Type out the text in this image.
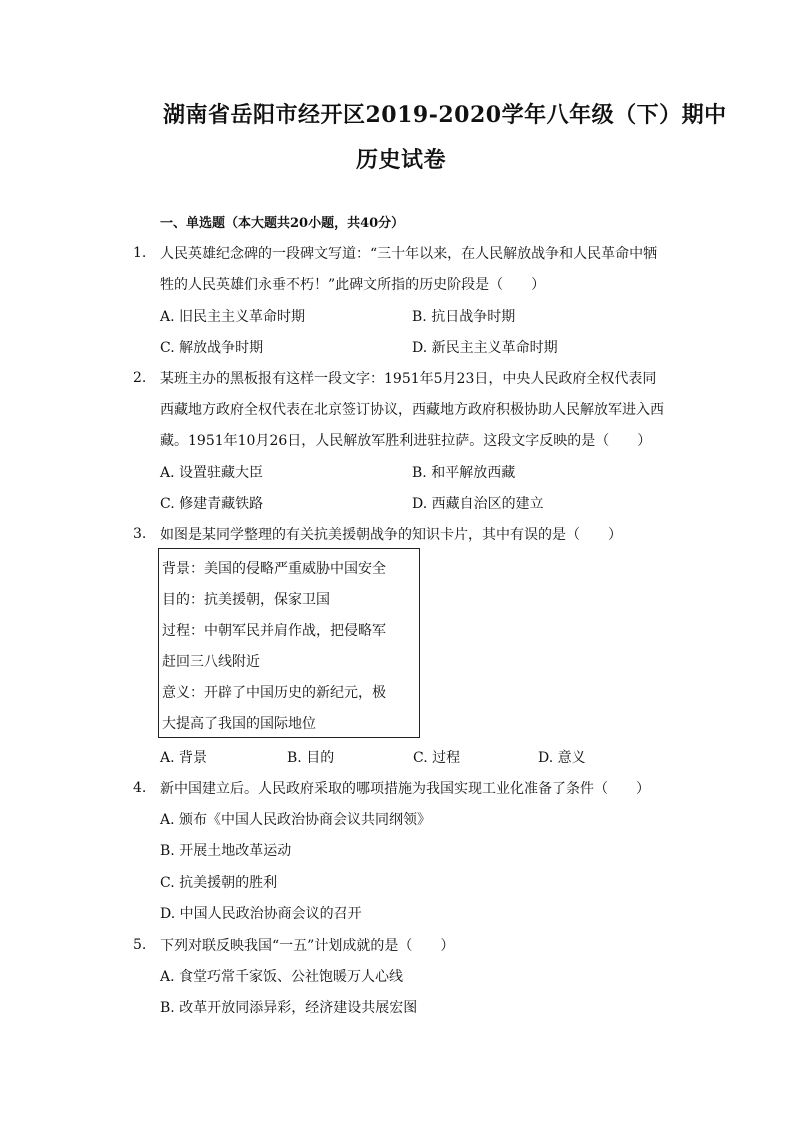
湖南省岳阳市经开区2019-2020学年八年级（下）期中
历史试卷
一、单选题（本大题共20小题，共40分）
1. 人民英雄纪念碑的一段碑文写道：“三十年以来，在人民解放战争和人民革命中牺
牲的人民英雄们永垂不朽！”此碑文所指的历史阶段是（　　）
A. 旧民主主义革命时期	B. 抗日战争时期
C. 解放战争时期	D. 新民主主义革命时期
2. 某班主办的黑板报有这样一段文字：1951年5月23日，中央人民政府全权代表同
西藏地方政府全权代表在北京签订协议，西藏地方政府积极协助人民解放军进入西
藏。1951年10月26日，人民解放军胜利进驻拉萨。这段文字反映的是（　　）
A. 设置驻藏大臣	B. 和平解放西藏
C. 修建青藏铁路	D. 西藏自治区的建立
3. 如图是某同学整理的有关抗美援朝战争的知识卡片，其中有误的是（　　）
背景：美国的侵略严重威胁中国安全
目的：抗美援朝，保家卫国
过程：中朝军民并肩作战，把侵略军
赶回三八线附近
意义：开辟了中国历史的新纪元，极
大提高了我国的国际地位
A. 背景	B. 目的	C. 过程	D. 意义
4. 新中国建立后。人民政府采取的哪项措施为我国实现工业化准备了条件（　　）
A. 颁布《中国人民政治协商会议共同纲领》
B. 开展土地改革运动
C. 抗美援朝的胜利
D. 中国人民政治协商会议的召开
5. 下列对联反映我国“一五”计划成就的是（　　）
A. 食堂巧常千家饭、公社饱暖万人心线
B. 改革开放同添异彩，经济建设共展宏图
